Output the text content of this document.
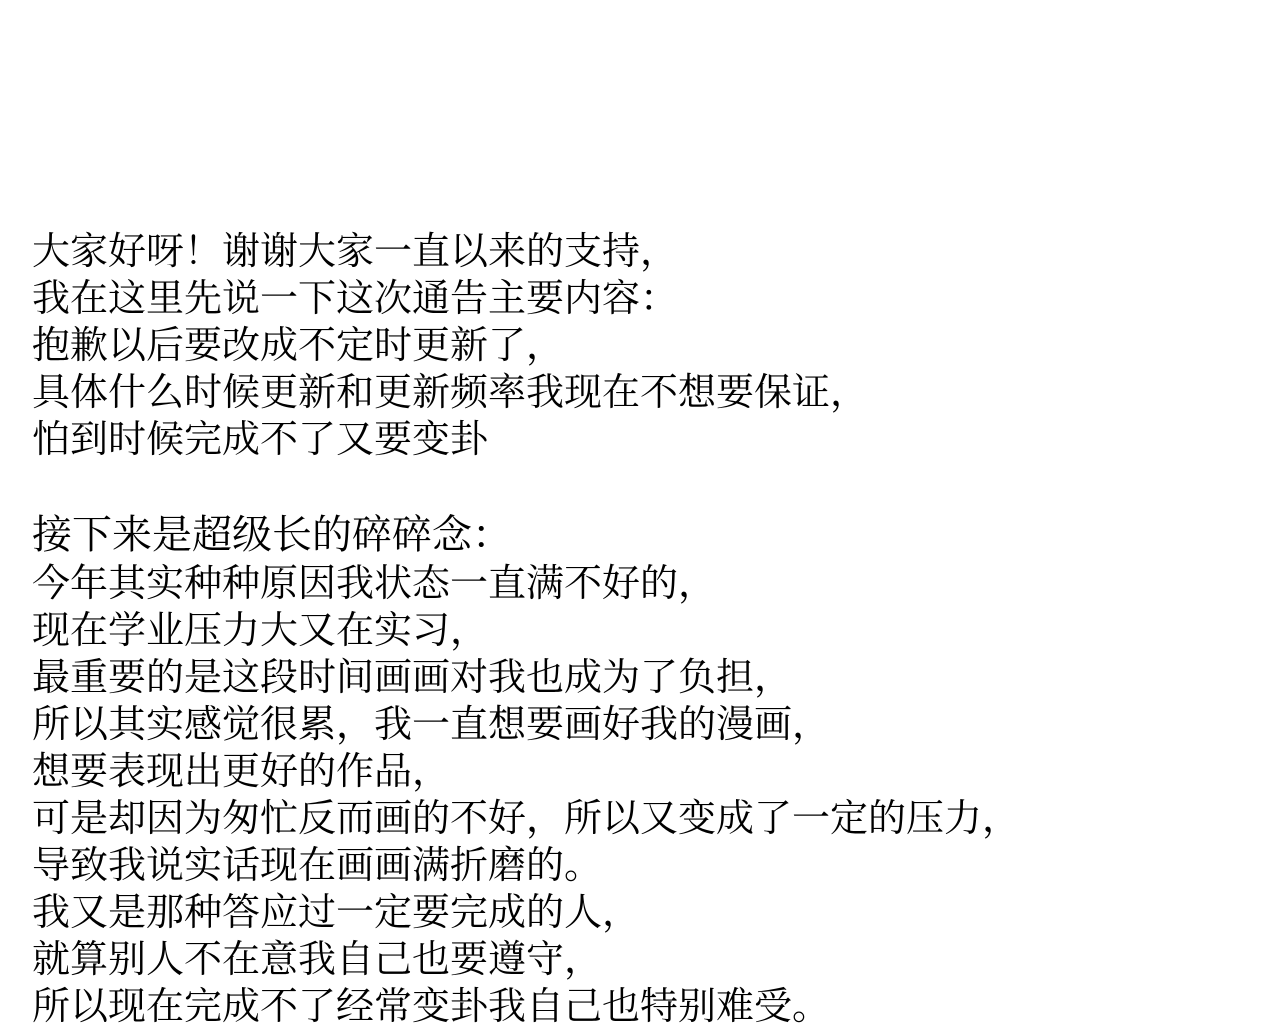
大家好呀！谢谢大家一直以来的支持，
我在这里先说一下这次通告主要内容：
抱歉以后要改成不定时更新了，
具体什么时候更新和更新频率我现在不想要保证，
怕到时候完成不了又要变卦
接下来是超级长的碎碎念：
今年其实种种原因我状态一直满不好的，
现在学业压力大又在实习，
最重要的是这段时间画画对我也成为了负担，
所以其实感觉很累，我一直想要画好我的漫画，
想要表现出更好的作品，
可是却因为匆忙反而画的不好，所以又变成了一定的压力，
导致我说实话现在画画满折磨的。
我又是那种答应过一定要完成的人，
就算别人不在意我自己也要遵守，
所以现在完成不了经常变卦我自己也特别难受。
